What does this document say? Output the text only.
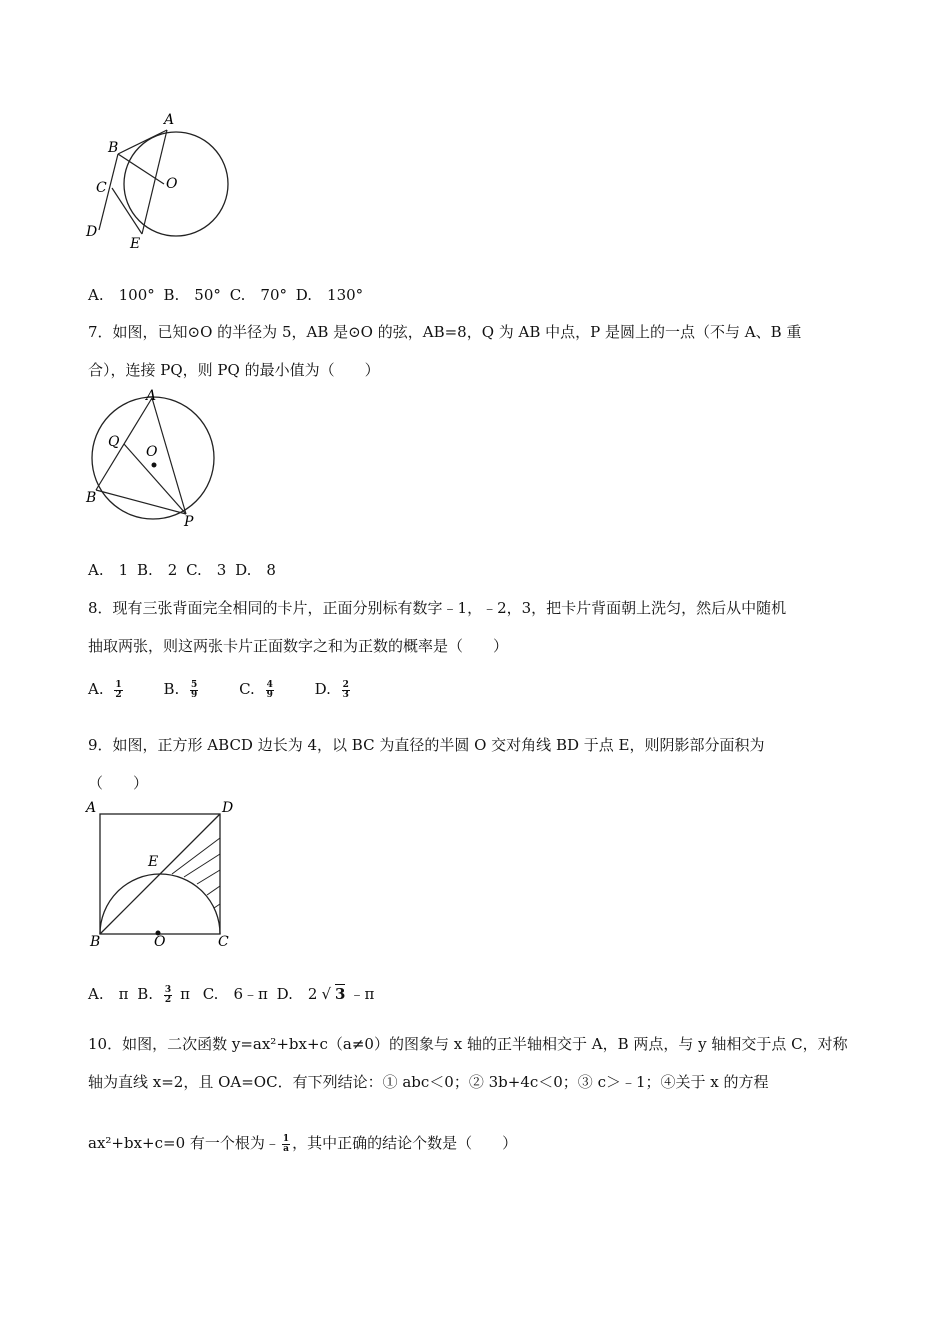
A
B
C
D
E
O
A.　100° B.　50° C.　70° D.　130°
7．如图，已知⊙O 的半径为 5，AB 是⊙O 的弦，AB=8，Q 为 AB 中点，P 是圆上的一点（不与 A、B 重
合），连接 PQ，则 PQ 的最小值为（　　）
A
Q
O
B
P
A.　1 B.　2 C.　3 D.　8
8．现有三张背面完全相同的卡片，正面分别标有数字﹣1，﹣2，3，把卡片背面朝上洗匀，然后从中随机
抽取两张，则这两张卡片正面数字之和为正数的概率是（　　）
A. $\frac{1}{2} B$. $\frac{5}{9} C$. $\frac{4}{9} D$. $\frac{2}{3}$
9．如图，正方形 ABCD 边长为 4，以 BC 为直径的半圆 O 交对角线 BD 于点 E，则阴影部分面积为
（　　）
A	D
E
B	O	C
A.　π B. $\frac{3}{2}$ π C.　6﹣π D.　2 √ 3 ﹣π
10．如图，二次函数 y=ax²+bx+c（a≠0）的图象与 x 轴的正半轴相交于 A，B 两点，与 y 轴相交于点 C，对称
轴为直线 x=2，且 OA=OC．有下列结论：① abc＜0；② 3b+4c＜0；③ c＞﹣1；④关于 x 的方程
ax²+bx+c=0 有一个根为﹣ $\frac{1}{a}$ ，其中正确的结论个数是（　　）
